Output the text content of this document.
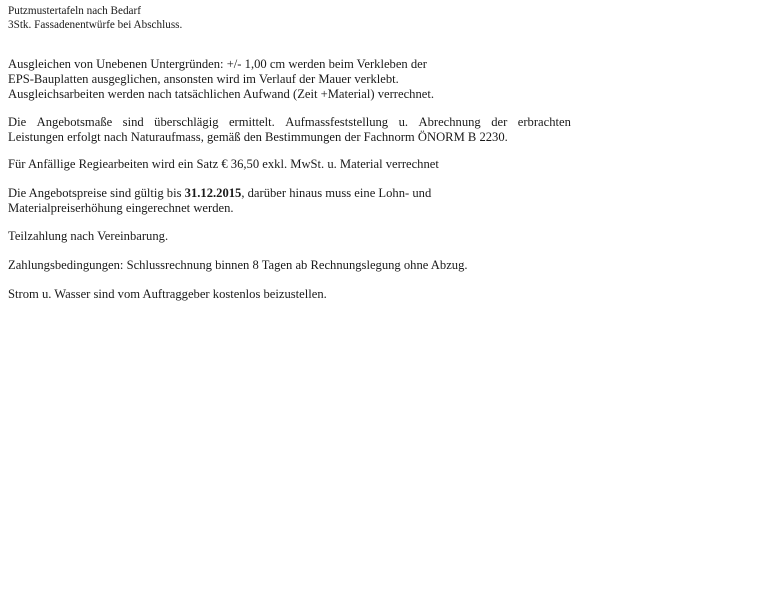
Putzmustertafeln nach Bedarf
3Stk. Fassadenentwürfe bei Abschluss.
Ausgleichen von Unebenen Untergründen: +/- 1,00 cm werden beim Verkleben der
EPS-Bauplatten ausgeglichen, ansonsten wird im Verlauf der Mauer verklebt.
Ausgleichsarbeiten werden nach tatsächlichen Aufwand (Zeit +Material) verrechnet.
Die Angebotsmaße sind überschlägig ermittelt. Aufmassfeststellung u. Abrechnung der erbrachten
Leistungen erfolgt nach Naturaufmass, gemäß den Bestimmungen der Fachnorm ÖNORM B 2230.
Für Anfällige Regiearbeiten wird ein Satz € 36,50 exkl. MwSt. u. Material verrechnet
Die Angebotspreise sind gültig bis 31.12.2015, darüber hinaus muss eine Lohn- und
Materialpreiserhöhung eingerechnet werden.
Teilzahlung nach Vereinbarung.
Zahlungsbedingungen: Schlussrechnung binnen 8 Tagen ab Rechnungslegung ohne Abzug.
Strom u. Wasser sind vom Auftraggeber kostenlos beizustellen.
